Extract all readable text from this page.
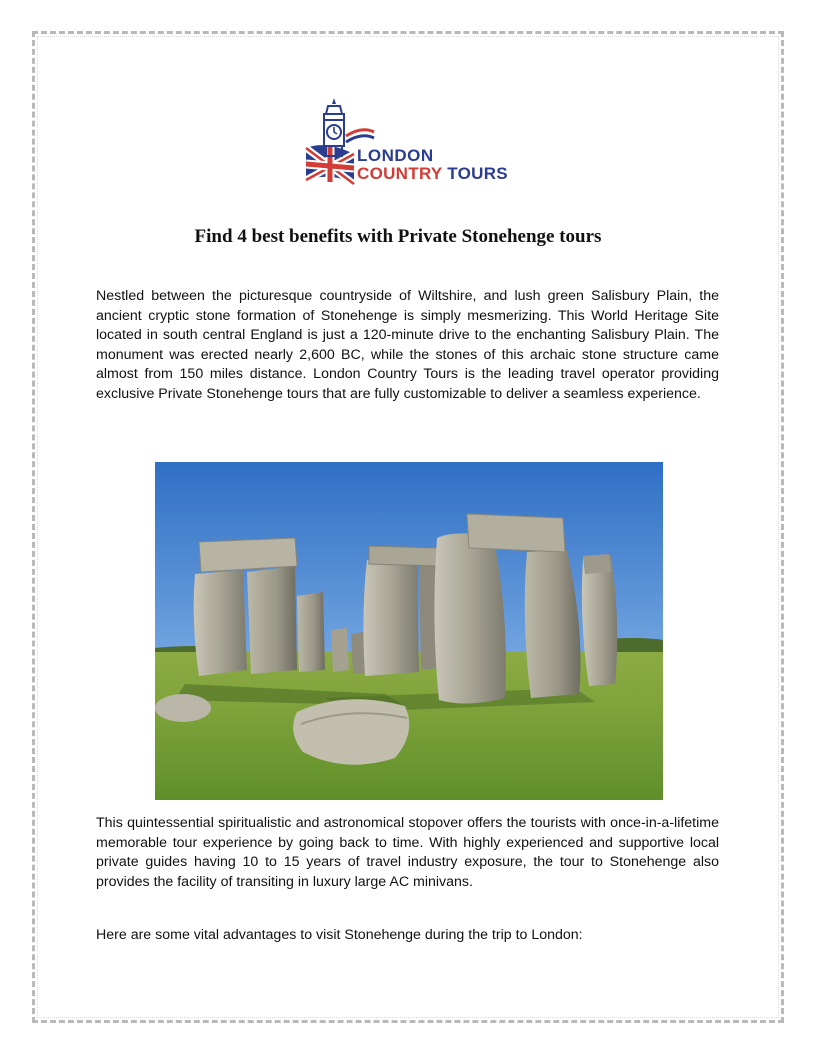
LONDON
COUNTRY TOURS
Find 4 best benefits with Private Stonehenge tours

Nestled between the picturesque countryside of Wiltshire, and lush green Salisbury Plain, the ancient cryptic stone formation of Stonehenge is simply mesmerizing. This World Heritage Site located in south central England is just a 120-minute drive to the enchanting Salisbury Plain. The monument was erected nearly 2,600 BC, while the stones of this archaic stone structure came almost from 150 miles distance. London Country Tours is the leading travel operator providing exclusive Private Stonehenge tours that are fully customizable to deliver a seamless experience.

This quintessential spiritualistic and astronomical stopover offers the tourists with once-in-a-lifetime memorable tour experience by going back to time. With highly experienced and supportive local private guides having 10 to 15 years of travel industry exposure, the tour to Stonehenge also provides the facility of transiting in luxury large AC minivans.

Here are some vital advantages to visit Stonehenge during the trip to London:
